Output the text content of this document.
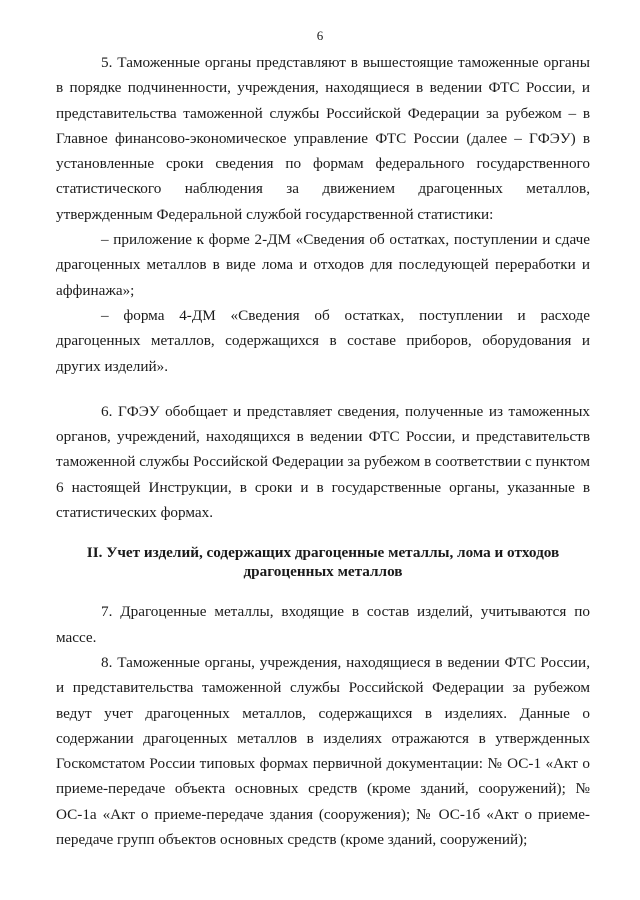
6

5. Таможенные органы представляют в вышестоящие таможенные органы в порядке подчиненности, учреждения, находящиеся в ведении ФТС России, и представительства таможенной службы Российской Федерации за рубежом – в Главное финансово-экономическое управление ФТС России (далее – ГФЭУ) в установленные сроки сведения по формам федерального государственного статистического наблюдения за движением драгоценных металлов, утвержденным Федеральной службой государственной статистики:

– приложение к форме 2-ДМ «Сведения об остатках, поступлении и сдаче драгоценных металлов в виде лома и отходов для последующей переработки и аффинажа»;

– форма 4-ДМ «Сведения об остатках, поступлении и расходе драгоценных металлов, содержащихся в составе приборов, оборудования и других изделий».

6. ГФЭУ обобщает и представляет сведения, полученные из таможенных органов, учреждений, находящихся в ведении ФТС России, и представительств таможенной службы Российской Федерации за рубежом в соответствии с пунктом 6 настоящей Инструкции, в сроки и в государственные органы, указанные в статистических формах.

II. Учет изделий, содержащих драгоценные металлы, лома и отходов
драгоценных металлов

7. Драгоценные металлы, входящие в состав изделий, учитываются по массе.

8. Таможенные органы, учреждения, находящиеся в ведении ФТС России, и представительства таможенной службы Российской Федерации за рубежом ведут учет драгоценных металлов, содержащихся в изделиях. Данные о содержании драгоценных металлов в изделиях отражаются в утвержденных Госкомстатом России типовых формах первичной документации: № ОС-1 «Акт о приеме-передаче объекта основных средств (кроме зданий, сооружений); № ОС-1а «Акт о приеме-передаче здания (сооружения); № ОС-1б «Акт о приеме-передаче групп объектов основных средств (кроме зданий, сооружений);
